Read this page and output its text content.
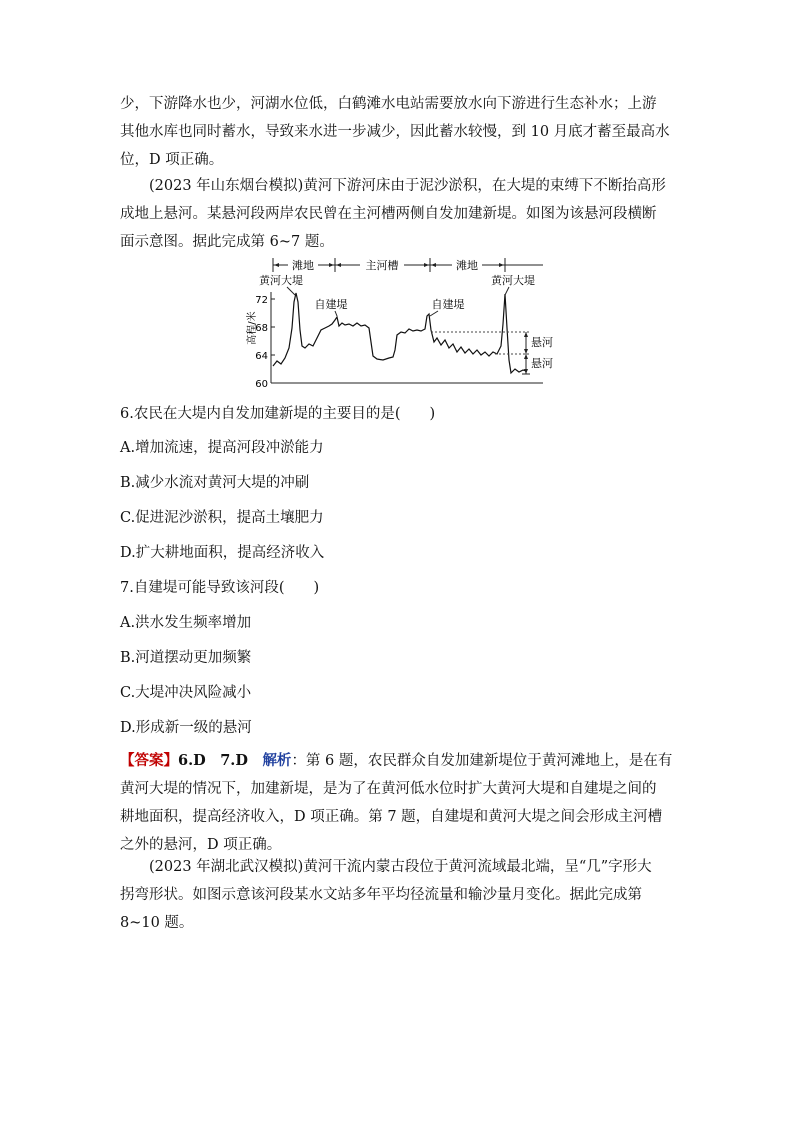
少，下游降水也少，河湖水位低，白鹤滩水电站需要放水向下游进行生态补水；上游
其他水库也同时蓄水，导致来水进一步减少，因此蓄水较慢，到 10 月底才蓄至最高水
位，D 项正确。

(2023 年山东烟台模拟)黄河下游河床由于泥沙淤积，在大堤的束缚下不断抬高形
成地上悬河。某悬河段两岸农民曾在主河槽两侧自发加建新堤。如图为该悬河段横断
面示意图。据此完成第 6~7 题。

滩地	主河槽	滩地
72
68
64
60
高程/米	悬河
悬河
黄河大堤	黄河大堤
自建堤	自建堤

6.农民在大堤内自发加建新堤的主要目的是(　　)

A.增加流速，提高河段冲淤能力

B.减少水流对黄河大堤的冲刷

C.促进泥沙淤积，提高土壤肥力

D.扩大耕地面积，提高经济收入

7.自建堤可能导致该河段(　　)

A.洪水发生频率增加

B.河道摆动更加频繁

C.大堤冲决风险减小

D.形成新一级的悬河

【答案】6.D　7.D　 解析：第 6 题，农民群众自发加建新堤位于黄河滩地上，是在有
黄河大堤的情况下，加建新堤，是为了在黄河低水位时扩大黄河大堤和自建堤之间的
耕地面积，提高经济收入，D 项正确。第 7 题，自建堤和黄河大堤之间会形成主河槽
之外的悬河，D 项正确。

(2023 年湖北武汉模拟)黄河干流内蒙古段位于黄河流域最北端，呈“几”字形大
拐弯形状。如图示意该河段某水文站多年平均径流量和输沙量月变化。据此完成第
8~10 题。
